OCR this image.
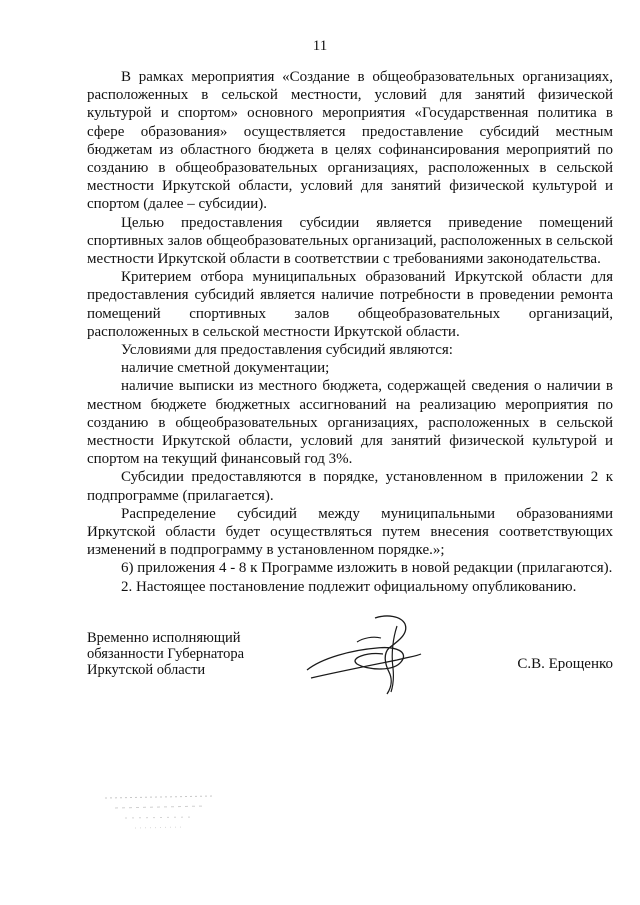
11

В рамках мероприятия «Создание в общеобразовательных организациях, расположенных в сельской местности, условий для занятий физической культурой и спортом» основного мероприятия «Государственная политика в сфере образования» осуществляется предоставление субсидий местным бюджетам из областного бюджета в целях софинансирования мероприятий по созданию в общеобразовательных организациях, расположенных в сельской местности Иркутской области, условий для занятий физической культурой и спортом (далее – субсидии).

Целью предоставления субсидии является приведение помещений спортивных залов общеобразовательных организаций, расположенных в сельской местности Иркутской области в соответствии с требованиями законодательства.

Критерием отбора муниципальных образований Иркутской области для предоставления субсидий является наличие потребности в проведении ремонта помещений спортивных залов общеобразовательных организаций, расположенных в сельской местности Иркутской области.

Условиями для предоставления субсидий являются:

наличие сметной документации;

наличие выписки из местного бюджета, содержащей сведения о наличии в местном бюджете бюджетных ассигнований на реализацию мероприятия по созданию в общеобразовательных организациях, расположенных в сельской местности Иркутской области, условий для занятий физической культурой и спортом на текущий финансовый год 3%.

Субсидии предоставляются в порядке, установленном в приложении 2 к подпрограмме (прилагается).

Распределение субсидий между муниципальными образованиями Иркутской области будет осуществляться путем внесения соответствующих изменений в подпрограмму в установленном порядке.»;

6) приложения 4 - 8 к Программе изложить в новой редакции (прилагаются).

2. Настоящее постановление подлежит официальному опубликованию.

Временно исполняющий
обязанности Губернатора
Иркутской области	С.В. Ерощенко
